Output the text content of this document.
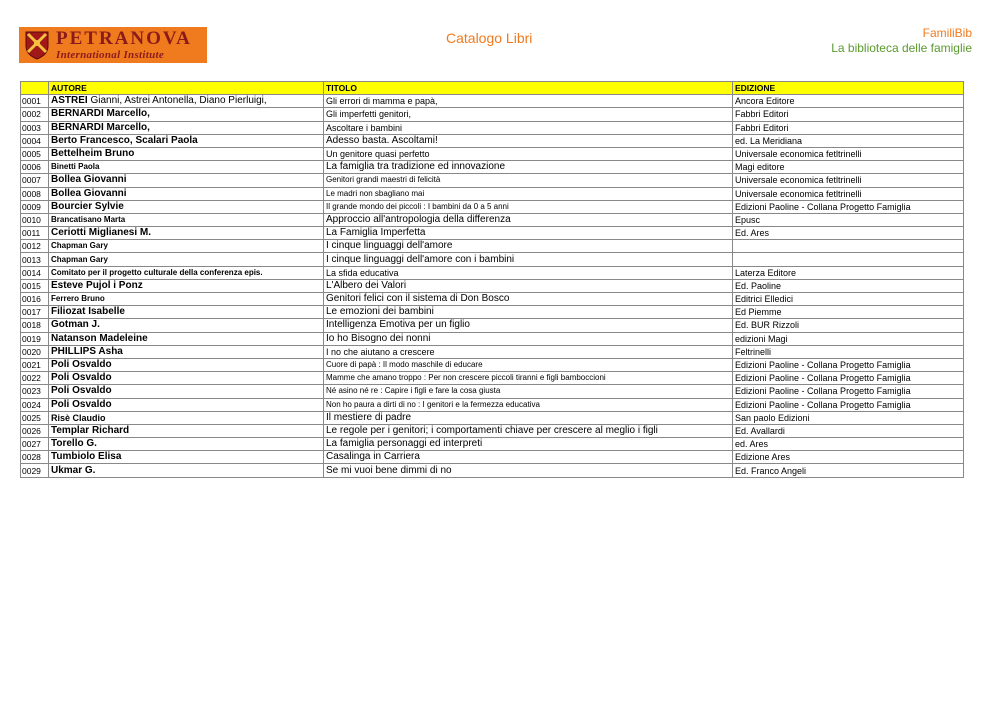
PETRANOVA
International Institute
Catalogo Libri	FamiliBib
La biblioteca delle famiglie
	AUTORE	TITOLO	EDIZIONE
0001	ASTREI Gianni, Astrei Antonella, Diano Pierluigi,	Gli errori di mamma e papà,	Ancora Editore
0002	BERNARDI Marcello,	Gli imperfetti genitori,	Fabbri Editori
0003	BERNARDI Marcello,	Ascoltare i bambini	Fabbri Editori
0004	Berto Francesco, Scalari Paola	Adesso basta. Ascoltami!	ed. La Meridiana
0005	Bettelheim Bruno	Un genitore quasi perfetto	Universale economica fetltrinelli
0006	Binetti Paola	La famiglia tra tradizione ed innovazione	Magi editore
0007	Bollea Giovanni	Genitori grandi maestri di felicità	Universale economica fetltrinelli
0008	Bollea Giovanni	Le madri non sbagliano mai	Universale economica fetltrinelli
0009	Bourcier Sylvie	Il grande mondo dei piccoli : I bambini da 0 a 5 anni	Edizioni Paoline - Collana Progetto Famiglia
0010	Brancatisano Marta	Approccio all'antropologia della differenza	Epusc
0011	Ceriotti Miglianesi M.	La Famiglia Imperfetta	Ed. Ares
0012	Chapman Gary	I cinque linguaggi dell'amore	
0013	Chapman Gary	I cinque linguaggi dell'amore con i bambini	
0014	Comitato per il progetto culturale della conferenza epis.	La sfida educativa	Laterza Editore
0015	Esteve Pujol i Ponz	L'Albero dei Valori	Ed. Paoline
0016	Ferrero Bruno	Genitori felici con il sistema di Don Bosco	Editrici Elledici
0017	Filiozat Isabelle	Le emozioni dei bambini	Ed Piemme
0018	Gotman J.	Intelligenza Emotiva per un figlio	Ed. BUR Rizzoli
0019	Natanson Madeleine	Io ho Bisogno dei nonni	edizioni Magi
0020	PHILLIPS Asha	I no che aiutano a crescere	Feltrinelli
0021	Poli Osvaldo	Cuore di papà : Il modo maschile di educare	Edizioni Paoline - Collana Progetto Famiglia
0022	Poli Osvaldo	Mamme che amano troppo : Per non crescere piccoli tiranni e figli bamboccioni	Edizioni Paoline - Collana Progetto Famiglia
0023	Poli Osvaldo	Né asino né re : Capire i figli e fare la cosa giusta	Edizioni Paoline - Collana Progetto Famiglia
0024	Poli Osvaldo	Non ho paura a dirti di no : I genitori e la fermezza educativa	Edizioni Paoline - Collana Progetto Famiglia
0025	Risè Claudio	Il mestiere di padre	San paolo Edizioni
0026	Templar Richard	Le regole per i genitori; i comportamenti chiave per crescere al meglio i figli	Ed. Avallardi
0027	Torello G.	La famiglia personaggi ed interpreti	ed. Ares
0028	Tumbiolo Elisa	Casalinga in Carriera	Edizione Ares
0029	Ukmar G.	Se mi vuoi bene dimmi di no	Ed. Franco Angeli
